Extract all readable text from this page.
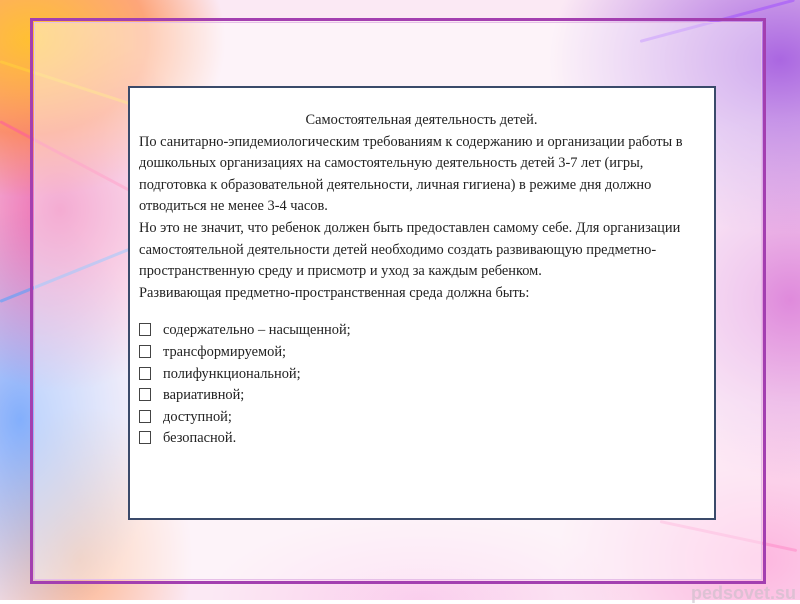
Самостоятельная деятельность детей.

По санитарно-эпидемиологическим требованиям к содержанию и организации работы в дошкольных организациях на самостоятельную деятельность детей 3-7 лет (игры, подготовка к образовательной деятельности, личная гигиена) в режиме дня должно отводиться не менее 3-4 часов.

Но это не значит, что ребенок должен быть предоставлен самому себе. Для организации самостоятельной деятельности детей необходимо создать развивающую предметно- пространственную среду и присмотр и уход за каждым ребенком.

Развивающая предметно-пространственная среда должна быть:

содержательно – насыщенной;
трансформируемой;
полифункциональной;
вариативной;
доступной;
безопасной.
pedsovet.su
